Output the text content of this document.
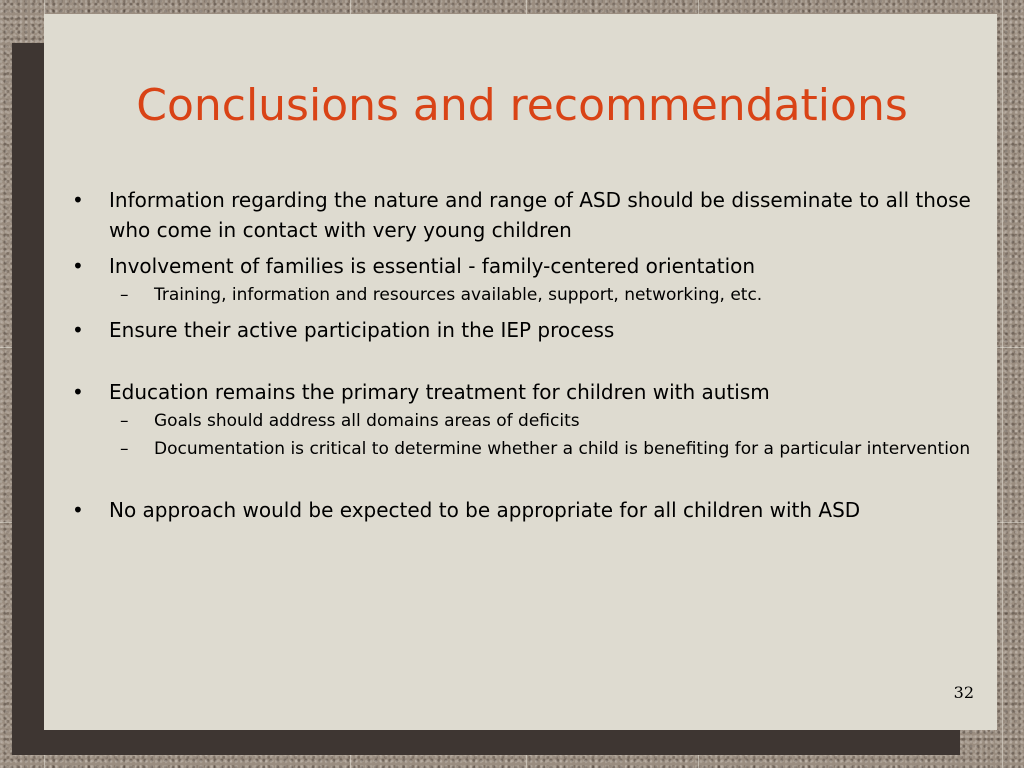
Conclusions and recommendations

• Information regarding the nature and range of ASD should be disseminate to all those who come in contact with very young children

• Involvement of families is essential - family-centered orientation

– Training, information and resources available, support, networking, etc.

• Ensure their active participation in the IEP process

• Education remains the primary treatment for children with autism

– Goals should address all domains areas of deficits

– Documentation is critical to determine whether a child is benefiting for a particular intervention

• No approach would be expected to be appropriate for all children with ASD

32
